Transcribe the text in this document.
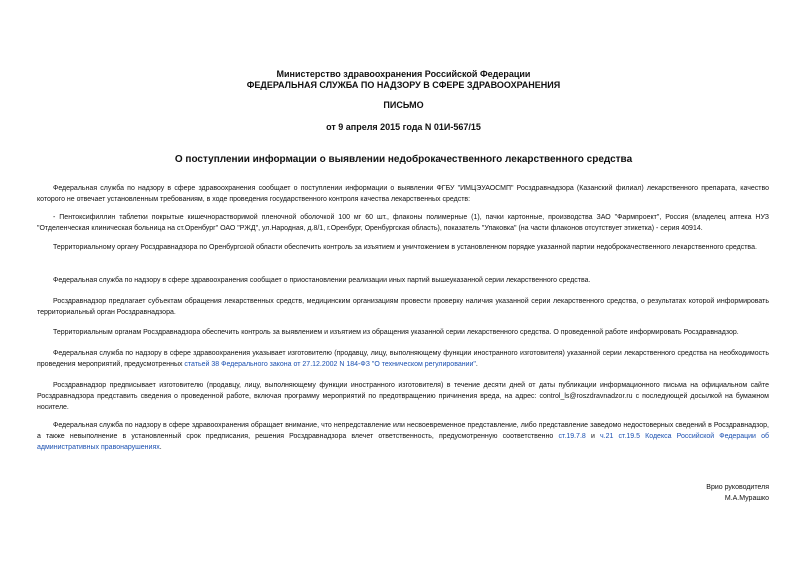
Министерство здравоохранения Российской Федерации
ФЕДЕРАЛЬНАЯ СЛУЖБА ПО НАДЗОРУ В СФЕРЕ ЗДРАВООХРАНЕНИЯ
ПИСЬМО
от 9 апреля 2015 года N 01И-567/15
О поступлении информации о выявлении недоброкачественного лекарственного средства
Федеральная служба по надзору в сфере здравоохранения сообщает о поступлении информации о выявлении ФГБУ "ИМЦЭУАОСМП" Росздравнадзора (Казанский филиал) лекарственного препарата, качество которого не отвечает установленным требованиям, в ходе проведения государственного контроля качества лекарственных средств:
- Пентоксифиллин таблетки покрытые кишечнорастворимой пленочной оболочкой 100 мг 60 шт., флаконы полимерные (1), пачки картонные, производства ЗАО "Фармпроект", Россия (владелец аптека НУЗ "Отделенческая клиническая больница на ст.Оренбург" ОАО "РЖД", ул.Народная, д.8/1, г.Оренбург, Оренбургская область), показатель "Упаковка" (на части флаконов отсутствует этикетка) - серия 40914.
Территориальному органу Росздравнадзора по Оренбургской области обеспечить контроль за изъятием и уничтожением в установленном порядке указанной партии недоброкачественного лекарственного средства.
Федеральная служба по надзору в сфере здравоохранения сообщает о приостановлении реализации иных партий вышеуказанной серии лекарственного средства.
Росздравнадзор предлагает субъектам обращения лекарственных средств, медицинским организациям провести проверку наличия указанной серии лекарственного средства, о результатах которой информировать территориальный орган Росздравнадзора.
Территориальным органам Росздравнадзора обеспечить контроль за выявлением и изъятием из обращения указанной серии лекарственного средства. О проведенной работе информировать Росздравнадзор.
Федеральная служба по надзору в сфере здравоохранения указывает изготовителю (продавцу, лицу, выполняющему функции иностранного изготовителя) указанной серии лекарственного средства на необходимость проведения мероприятий, предусмотренных статьей 38 Федерального закона от 27.12.2002 N 184-ФЗ "О техническом регулировании".
Росздравнадзор предписывает изготовителю (продавцу, лицу, выполняющему функции иностранного изготовителя) в течение десяти дней от даты публикации информационного письма на официальном сайте Росздравнадзора представить сведения о проведенной работе, включая программу мероприятий по предотвращению причинения вреда, на адрес: control_ls@roszdravnadzor.ru с последующей досылкой на бумажном носителе.
Федеральная служба по надзору в сфере здравоохранения обращает внимание, что непредставление или несвоевременное представление, либо представление заведомо недостоверных сведений в Росздравнадзор, а также невыполнение в установленный срок предписания, решения Росздравнадзора влечет ответственность, предусмотренную соответственно ст.19.7.8 и ч.21 ст.19.5 Кодекса Российской Федерации об административных правонарушениях.
Врио руководителя
М.А.Мурашко
